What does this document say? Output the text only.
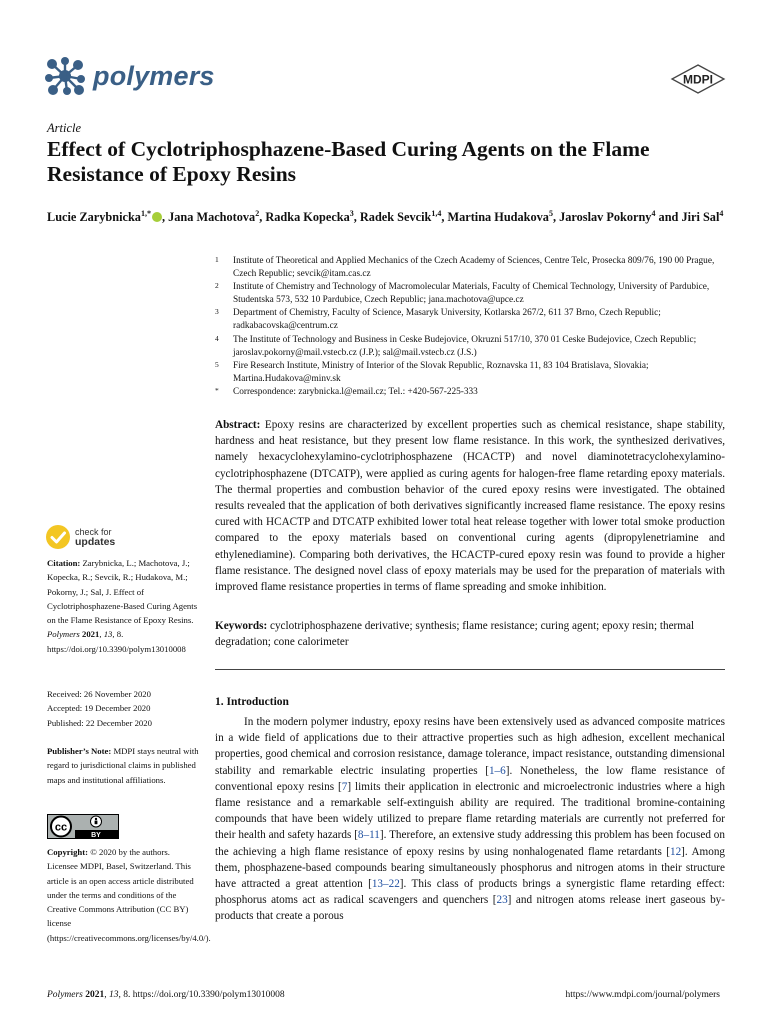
polymers	MDPI
Article
Effect of Cyclotriphosphazene-Based Curing Agents on the Flame Resistance of Epoxy Resins
Lucie Zarybnicka$^{1,*}$ , Jana Machotova$^2$, Radka Kopecka$^3$, Radek Sevcik$^{1,4}$, Martina Hudakova$^5$, Jaroslav Pokorny$^4$ and Jiri Sal$^4$
1 Institute of Theoretical and Applied Mechanics of the Czech Academy of Sciences, Centre Telc, Prosecka 809/76, 190 00 Prague, Czech Republic; sevcik@itam.cas.cz
2 Institute of Chemistry and Technology of Macromolecular Materials, Faculty of Chemical Technology, University of Pardubice, Studentska 573, 532 10 Pardubice, Czech Republic; jana.machotova@upce.cz
3 Department of Chemistry, Faculty of Science, Masaryk University, Kotlarska 267/2, 611 37 Brno, Czech Republic; radkabacovska@centrum.cz
4 The Institute of Technology and Business in Ceske Budejovice, Okruzni 517/10, 370 01 Ceske Budejovice, Czech Republic; jaroslav.pokorny@mail.vstecb.cz (J.P.); sal@mail.vstecb.cz (J.S.)
5 Fire Research Institute, Ministry of Interior of the Slovak Republic, Roznavska 11, 83 104 Bratislava, Slovakia; Martina.Hudakova@minv.sk
* Correspondence: zarybnicka.l@email.cz; Tel.: +420-567-225-333
Abstract: Epoxy resins are characterized by excellent properties such as chemical resistance, shape stability, hardness and heat resistance, but they present low flame resistance. In this work, the synthesized derivatives, namely hexacyclohexylamino-cyclotriphosphazene (HCACTP) and novel diaminotetracyclohexylamino-cyclotriphosphazene (DTCATP), were applied as curing agents for halogen-free flame retarding epoxy materials. The thermal properties and combustion behavior of the cured epoxy resins were investigated. The obtained results revealed that the application of both derivatives significantly increased flame resistance. The epoxy resins cured with HCACTP and DTCATP exhibited lower total heat release together with lower total smoke production compared to the epoxy materials based on conventional curing agents (dipropylenetriamine and ethylenediamine). Comparing both derivatives, the HCACTP-cured epoxy resin was found to provide a higher flame resistance. The designed novel class of epoxy materials may be used for the preparation of materials with improved flame resistance properties in terms of flame spreading and smoke inhibition.
Keywords: cyclotriphosphazene derivative; synthesis; flame resistance; curing agent; epoxy resin; thermal degradation; cone calorimeter
1. Introduction

In the modern polymer industry, epoxy resins have been extensively used as advanced composite matrices in a wide field of applications due to their attractive properties such as high adhesion, excellent mechanical properties, good chemical and corrosion resistance, damage tolerance, impact resistance, outstanding dimensional stability and remarkable electric insulating properties [1–6]. Nonetheless, the low flame resistance of conventional epoxy resins [7] limits their application in electronic and microelectronic industries where a high flame resistance and a remarkable self-extinguish ability are required. The traditional bromine-containing compounds that have been widely utilized to prepare flame retarding materials are currently not preferred for their health and safety hazards [8–11]. Therefore, an extensive study addressing this problem has been focused on the achieving a high flame resistance of epoxy resins by using nonhalogenated flame retardants [12]. Among them, phosphazene-based compounds bearing simultaneously phosphorus and nitrogen atoms in their structure have attracted a great attention [13–22]. This class of products brings a synergistic flame retarding effect: phosphorus atoms act as radical scavengers and quenchers [23] and nitrogen atoms release inert gaseous by-products that create a porous

check for
updates
Citation: Zarybnicka, L.; Machotova, J.; Kopecka, R.; Sevcik, R.; Hudakova, M.; Pokorny, J.; Sal, J. Effect of Cyclotriphosphazene-Based Curing Agents on the Flame Resistance of Epoxy Resins. Polymers 2021, 13, 8. https://doi.org/10.3390/polym13010008
Received: 26 November 2020
Accepted: 19 December 2020
Published: 22 December 2020
Publisher’s Note: MDPI stays neutral with regard to jurisdictional claims in published maps and institutional affiliations.
cc
BY
Copyright: © 2020 by the authors. Licensee MDPI, Basel, Switzerland. This article is an open access article distributed under the terms and conditions of the Creative Commons Attribution (CC BY) license (https://creativecommons.org/licenses/by/4.0/).
Polymers 2021, 13, 8. https://doi.org/10.3390/polym13010008	https://www.mdpi.com/journal/polymers
